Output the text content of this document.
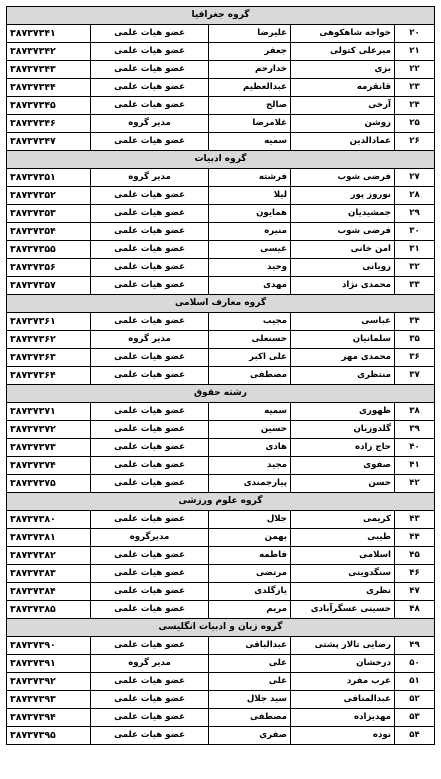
گروه جغرافیا				
۲۰	خواجه شاهکوهی	علیرضا	عضو هیات علمی	۳۸۷۳۷۳۴۱
۲۱	میرعلی کتولی	جعفر	عضو هیات علمی	۳۸۷۳۷۳۴۲
۲۲	بزی	خدارحم	عضو هیات علمی	۳۸۷۳۷۳۴۳
۲۳	قانقرمه	عبدالعظیم	عضو هیات علمی	۳۸۷۳۷۳۴۴
۲۴	آرخی	صالح	عضو هیات علمی	۳۸۷۳۷۳۴۵
۲۵	روشن	غلامرضا	مدیر گروه	۳۸۷۳۷۳۴۶
۲۶	عمادالدین	سمیه	عضو هیات علمی	۳۸۷۳۷۳۴۷
گروه ادبیات				
۲۷	فرضی شوب	فرشته	مدیر گروه	۳۸۷۳۷۳۵۱
۲۸	نوروز پور	لیلا	عضو هیات علمی	۳۸۷۳۷۳۵۲
۲۹	جمشیدیان	همایون	عضو هیات علمی	۳۸۷۳۷۳۵۳
۳۰	فرضی شوب	منیره	عضو هیات علمی	۳۸۷۳۷۳۵۴
۳۱	امن خانی	عیسی	عضو هیات علمی	۳۸۷۳۷۳۵۵
۳۲	رویانی	وحید	عضو هیات علمی	۳۸۷۳۷۳۵۶
۳۳	محمدی نژاد	مهدی	عضو هیات علمی	۳۸۷۳۷۳۵۷
گروه معارف اسلامی				
۳۴	عباسی	مجیب	عضو هیات علمی	۳۸۷۳۷۳۶۱
۳۵	سلمانیان	حسنعلی	مدیر گروه	۳۸۷۳۷۳۶۲
۳۶	محمدی مهر	علی اکبر	عضو هیات علمی	۳۸۷۳۷۳۶۳
۳۷	منتظری	مصطفی	عضو هیات علمی	۳۸۷۳۷۳۶۴
رشته حقوق				
۳۸	ظهوری	سمیه	عضو هیات علمی	۳۸۷۳۷۳۷۱
۳۹	گلدوزیان	حسین	عضو هیات علمی	۳۸۷۳۷۳۷۲
۴۰	حاج زاده	هادی	عضو هیات علمی	۳۸۷۳۷۳۷۳
۴۱	صفوی	مجید	عضو هیات علمی	۳۸۷۳۷۳۷۴
۴۲	حسن	پیارجمندی	عضو هیات علمی	۳۸۷۳۷۳۷۵
گروه علوم ورزشی				
۴۳	کریمی	جلال	عضو هیات علمی	۳۸۷۳۷۳۸۰
۴۴	طیبی	بهمن	مدیرگروه	۳۸۷۳۷۳۸۱
۴۵	اسلامی	فاطمه	عضو هیات علمی	۳۸۷۳۷۳۸۲
۴۶	سنگدوینی	مرتضی	عضو هیات علمی	۳۸۷۳۷۳۸۳
۴۷	نظری	یازگلدی	عضو هیات علمی	۳۸۷۳۷۳۸۴
۴۸	حسینی عسگرآبادی	مریم	عضو هیات علمی	۳۸۷۳۷۳۸۵
گروه زبان و ادبیات انگلیسی				
۴۹	رضایی تالار پشتی	عبدالباقی	عضو هیات علمی	۳۸۷۳۷۳۹۰
۵۰	درخشان	علی	مدیر گروه	۳۸۷۳۷۳۹۱
۵۱	عرب مفرد	علی	عضو هیات علمی	۳۸۷۳۷۳۹۲
۵۲	عبدالمنافی	سید جلال	عضو هیات علمی	۳۸۷۳۷۳۹۳
۵۳	مهدیزاده	مصطفی	عضو هیات علمی	۳۸۷۳۷۳۹۴
۵۴	نوده	صفری	عضو هیات علمی	۳۸۷۳۷۳۹۵
